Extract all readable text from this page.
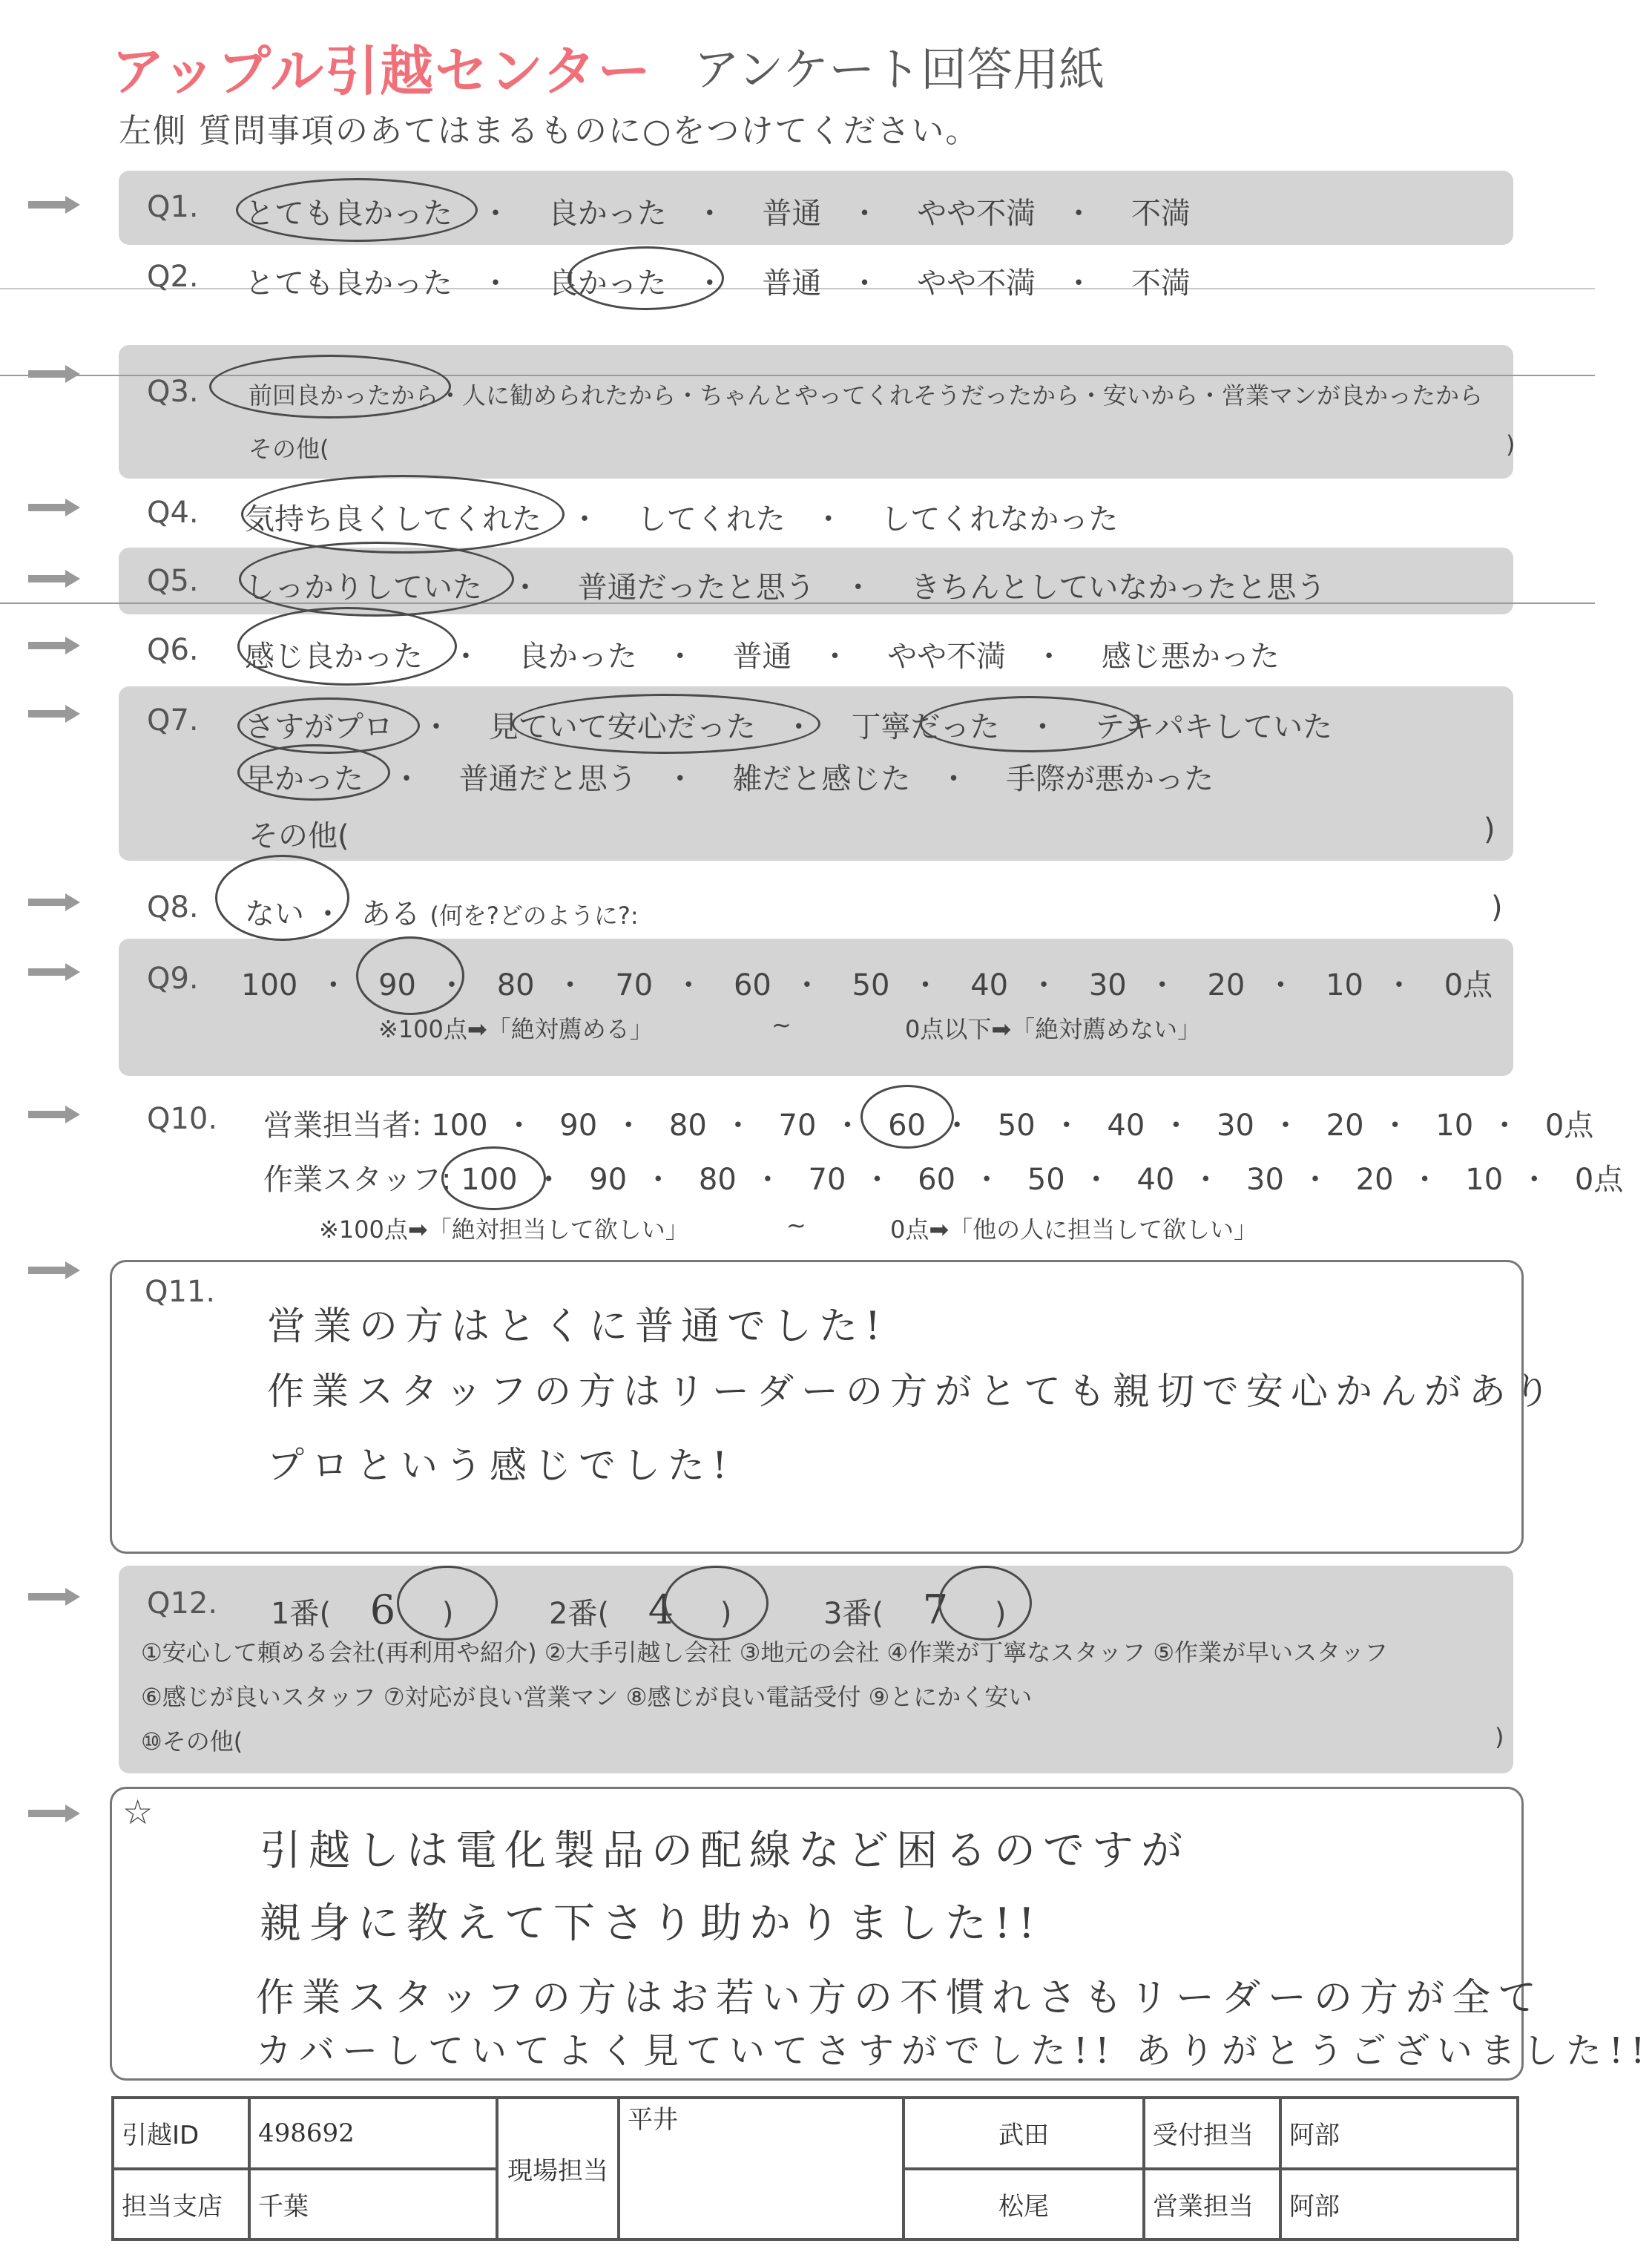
アップル引越センター アンケート回答用紙
左側 質問事項のあてはまるものに○をつけてください。
Q1. とても良かった ・ 良かった ・ 普通 ・ やや不満 ・ 不満
Q2. とても良かった ・ 良かった ・ 普通 ・ やや不満 ・ 不満
Q3. 前回良かったから・人に勧められたから・ちゃんとやってくれそうだったから・安いから・営業マンが良かったから
その他(	)
Q4. 気持ち良くしてくれた ・ してくれた ・ してくれなかった
Q5. しっかりしていた ・ 普通だったと思う ・ きちんとしていなかったと思う
Q6. 感じ良かった ・ 良かった ・ 普通 ・ やや不満 ・ 感じ悪かった
Q7. さすがプロ ・ 見ていて安心だった ・ 丁寧だった ・ テキパキしていた
早かった ・ 普通だと思う ・ 雑だと感じた ・ 手際が悪かった
その他(	)
Q8. ない ・ ある (何を?どのように?:	)
Q9. 100 ・ 90 ・ 80 ・ 70 ・ 60 ・ 50 ・ 40 ・ 30 ・ 20 ・ 10 ・ 0点
※100点➡「絶対薦める」	~	0点以下➡「絶対薦めない」
Q10. 営業担当者: 100 ・ 90 ・ 80 ・ 70 ・ 60 ・ 50 ・ 40 ・ 30 ・ 20 ・ 10 ・ 0点
作業スタッフ: 100 ・ 90 ・ 80 ・ 70 ・ 60 ・ 50 ・ 40 ・ 30 ・ 20 ・ 10 ・ 0点
※100点➡「絶対担当して欲しい」	~	0点➡「他の人に担当して欲しい」
Q11.
営業の方はとくに普通でした!
作業スタッフの方はリーダーの方がとても親切で安心かんがあり
プロという感じでした!
Q12. 1番( 6 )	2番( 4 )	3番( 7 )
①安心して頼める会社(再利用や紹介) ②大手引越し会社 ③地元の会社 ④作業が丁寧なスタッフ ⑤作業が早いスタッフ
⑥感じが良いスタッフ ⑦対応が良い営業マン ⑧感じが良い電話受付 ⑨とにかく安い
⑩その他(	)
☆
引越しは電化製品の配線など困るのですが
親身に教えて下さり助かりました!!
作業スタッフの方はお若い方の不慣れさもリーダーの方が全て
カバーしていてよく見ていてさすがでした!! ありがとうございました!!
引越ID	498692	現場担当	平井	武田	受付担当	阿部
担当支店	千葉			松尾	営業担当	阿部
